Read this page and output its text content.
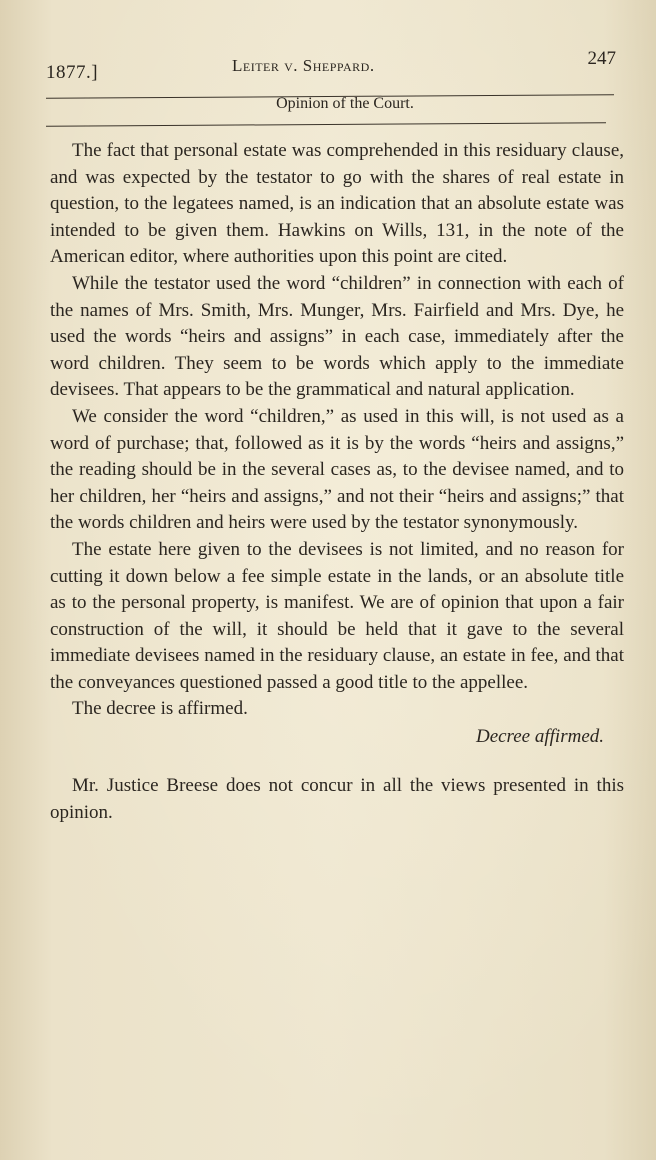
1877.]	Leiter v. Sheppard.	247
Opinion of the Court.

The fact that personal estate was comprehended in this residuary clause, and was expected by the testator to go with the shares of real estate in question, to the legatees named, is an indication that an absolute estate was intended to be given them. Hawkins on Wills, 131, in the note of the American editor, where authorities upon this point are cited.

While the testator used the word “children” in connection with each of the names of Mrs. Smith, Mrs. Munger, Mrs. Fairfield and Mrs. Dye, he used the words “heirs and assigns” in each case, immediately after the word children. They seem to be words which apply to the immediate devisees. That appears to be the grammatical and natural application.

We consider the word “children,” as used in this will, is not used as a word of purchase; that, followed as it is by the words “heirs and assigns,” the reading should be in the several cases as, to the devisee named, and to her children, her “heirs and assigns,” and not their “heirs and assigns;” that the words children and heirs were used by the testator synonymously.

The estate here given to the devisees is not limited, and no reason for cutting it down below a fee simple estate in the lands, or an absolute title as to the personal property, is manifest. We are of opinion that upon a fair construction of the will, it should be held that it gave to the several immediate devisees named in the residuary clause, an estate in fee, and that the conveyances questioned passed a good title to the appellee.

The decree is affirmed.

Decree affirmed.

Mr. Justice Breese does not concur in all the views presented in this opinion.
